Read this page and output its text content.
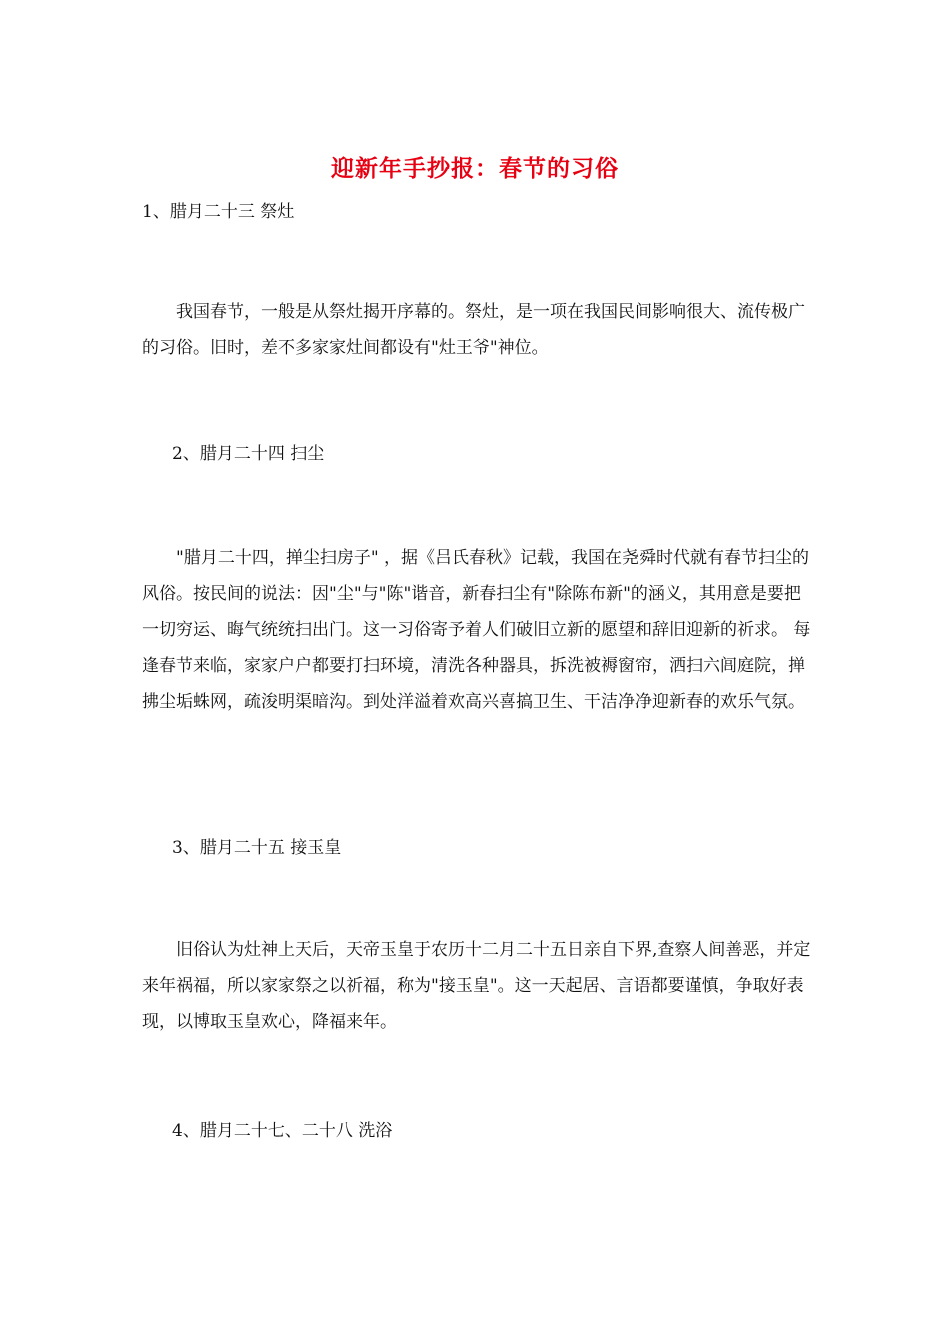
迎新年手抄报：春节的习俗
1、腊月二十三 祭灶
我国春节，一般是从祭灶揭开序幕的。祭灶，是一项在我国民间影响很大、流传极广的习俗。旧时，差不多家家灶间都设有"灶王爷"神位。
2、腊月二十四 扫尘
"腊月二十四，掸尘扫房子" ，据《吕氏春秋》记载，我国在尧舜时代就有春节扫尘的风俗。按民间的说法：因"尘"与"陈"谐音，新春扫尘有"除陈布新"的涵义，其用意是要把一切穷运、晦气统统扫出门。这一习俗寄予着人们破旧立新的愿望和辞旧迎新的祈求。 每逢春节来临，家家户户都要打扫环境，清洗各种器具，拆洗被褥窗帘，洒扫六闾庭院，掸拂尘垢蛛网，疏浚明渠暗沟。到处洋溢着欢高兴喜搞卫生、干洁净净迎新春的欢乐气氛。
3、腊月二十五 接玉皇
旧俗认为灶神上天后，天帝玉皇于农历十二月二十五日亲自下界,查察人间善恶，并定来年祸福，所以家家祭之以祈福，称为"接玉皇"。这一天起居、言语都要谨慎，争取好表现，以博取玉皇欢心，降福来年。
4、腊月二十七、二十八 洗浴
